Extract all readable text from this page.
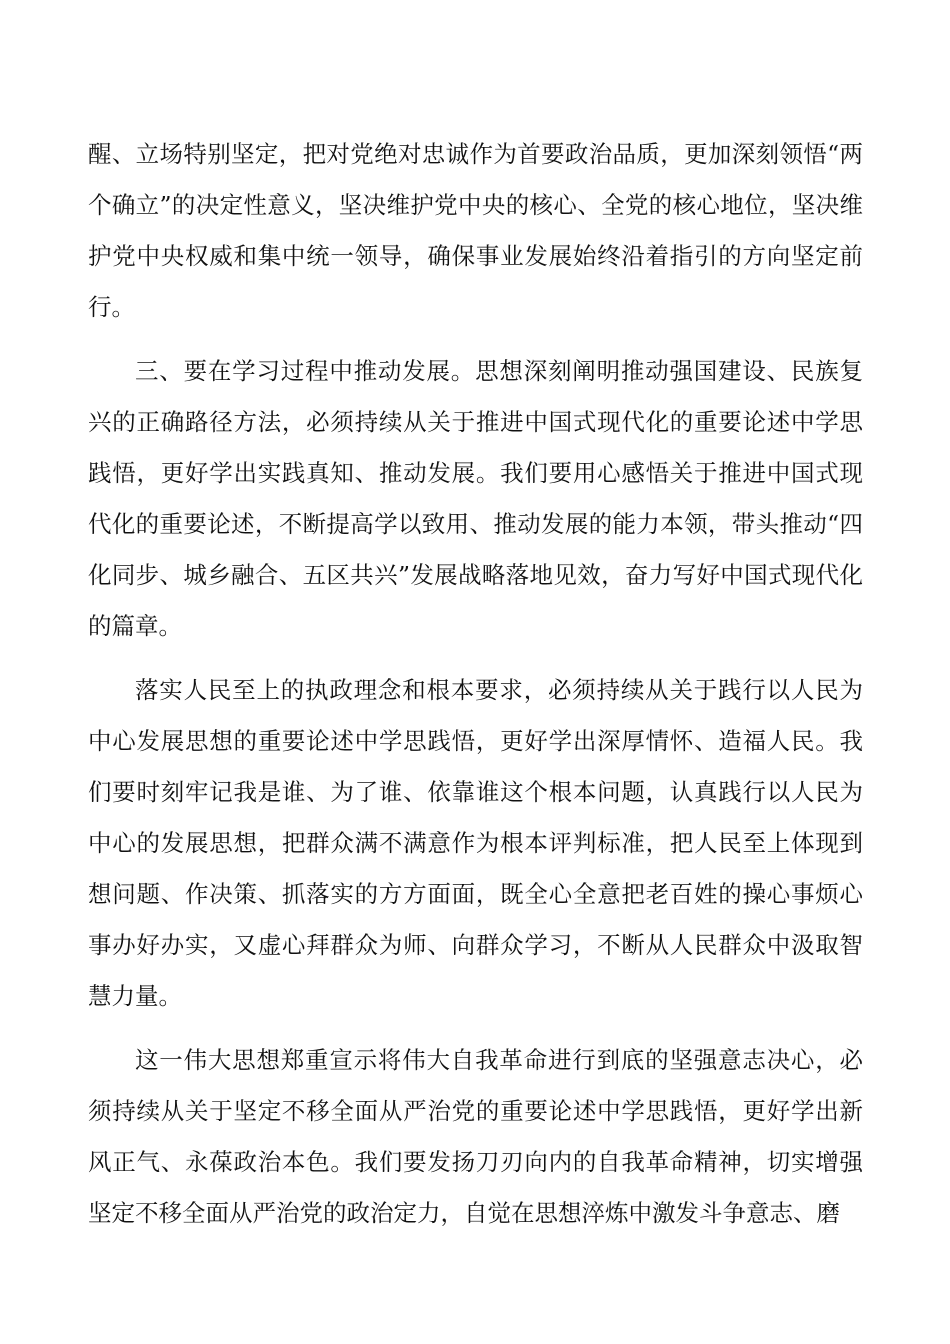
醒、立场特别坚定，把对党绝对忠诚作为首要政治品质，更加深刻领悟“两个确立”的决定性意义，坚决维护党中央的核心、全党的核心地位，坚决维护党中央权威和集中统一领导，确保事业发展始终沿着指引的方向坚定前行。

三、要在学习过程中推动发展。思想深刻阐明推动强国建设、民族复兴的正确路径方法，必须持续从关于推进中国式现代化的重要论述中学思践悟，更好学出实践真知、推动发展。我们要用心感悟关于推进中国式现代化的重要论述，不断提高学以致用、推动发展的能力本领，带头推动“四化同步、城乡融合、五区共兴”发展战略落地见效，奋力写好中国式现代化的篇章。

落实人民至上的执政理念和根本要求，必须持续从关于践行以人民为中心发展思想的重要论述中学思践悟，更好学出深厚情怀、造福人民。我们要时刻牢记我是谁、为了谁、依靠谁这个根本问题，认真践行以人民为中心的发展思想，把群众满不满意作为根本评判标准，把人民至上体现到想问题、作决策、抓落实的方方面面，既全心全意把老百姓的操心事烦心事办好办实，又虚心拜群众为师、向群众学习，不断从人民群众中汲取智慧力量。

这一伟大思想郑重宣示将伟大自我革命进行到底的坚强意志决心，必须持续从关于坚定不移全面从严治党的重要论述中学思践悟，更好学出新风正气、永葆政治本色。我们要发扬刀刃向内的自我革命精神，切实增强坚定不移全面从严治党的政治定力，自觉在思想淬炼中激发斗争意志、磨
